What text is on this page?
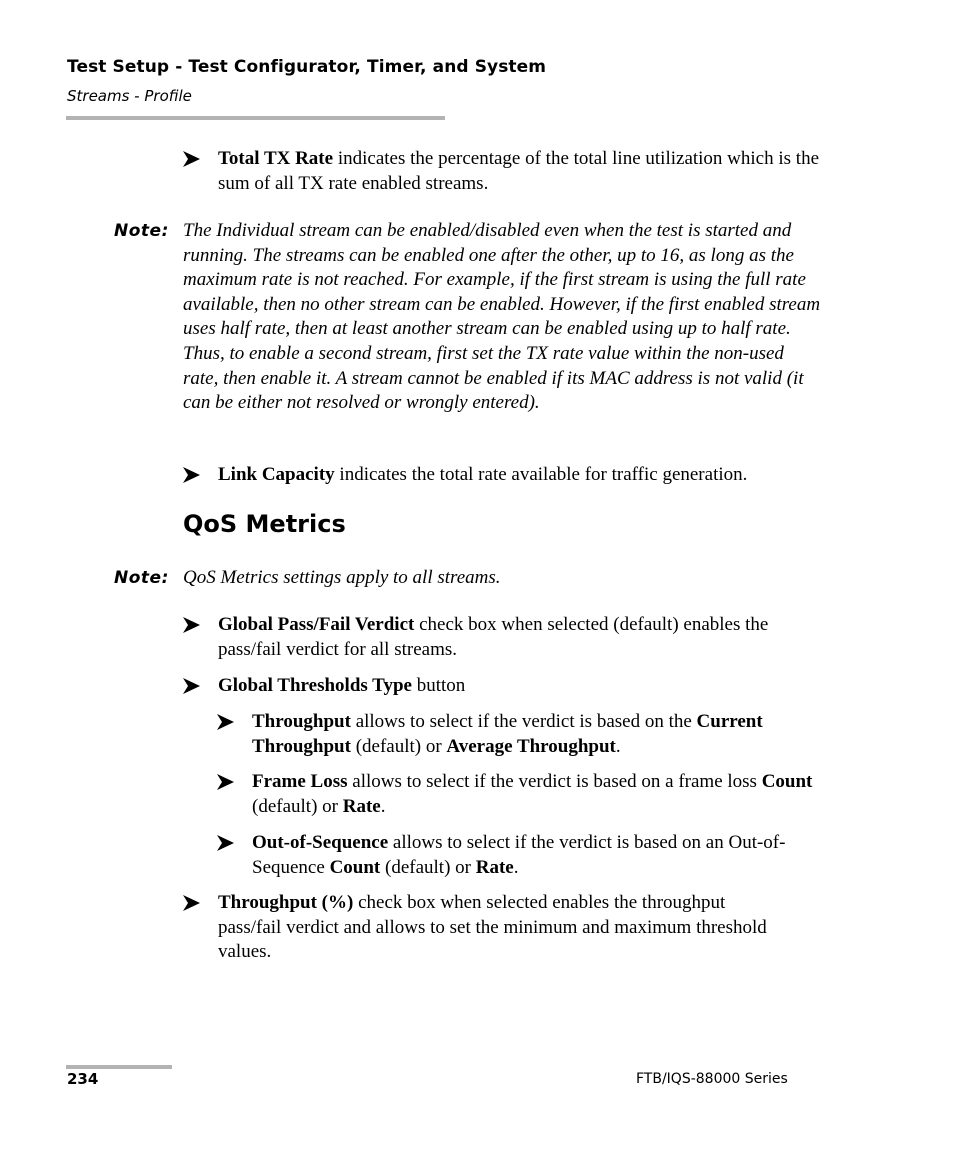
Test Setup - Test Configurator, Timer, and System
Streams - Profile
Total TX Rate indicates the percentage of the total line utilization which is the sum of all TX rate enabled streams.
Note: The Individual stream can be enabled/disabled even when the test is started and running. The streams can be enabled one after the other, up to 16, as long as the maximum rate is not reached. For example, if the first stream is using the full rate available, then no other stream can be enabled. However, if the first enabled stream uses half rate, then at least another stream can be enabled using up to half rate. Thus, to enable a second stream, first set the TX rate value within the non-used rate, then enable it. A stream cannot be enabled if its MAC address is not valid (it can be either not resolved or wrongly entered).
Link Capacity indicates the total rate available for traffic generation.
QoS Metrics
Note: QoS Metrics settings apply to all streams.
Global Pass/Fail Verdict check box when selected (default) enables the pass/fail verdict for all streams.
Global Thresholds Type button
Throughput allows to select if the verdict is based on the Current Throughput (default) or Average Throughput.
Frame Loss allows to select if the verdict is based on a frame loss Count (default) or Rate.
Out-of-Sequence allows to select if the verdict is based on an Out-of-Sequence Count (default) or Rate.
Throughput (%) check box when selected enables the throughput pass/fail verdict and allows to set the minimum and maximum threshold values.
234	FTB/IQS-88000 Series
